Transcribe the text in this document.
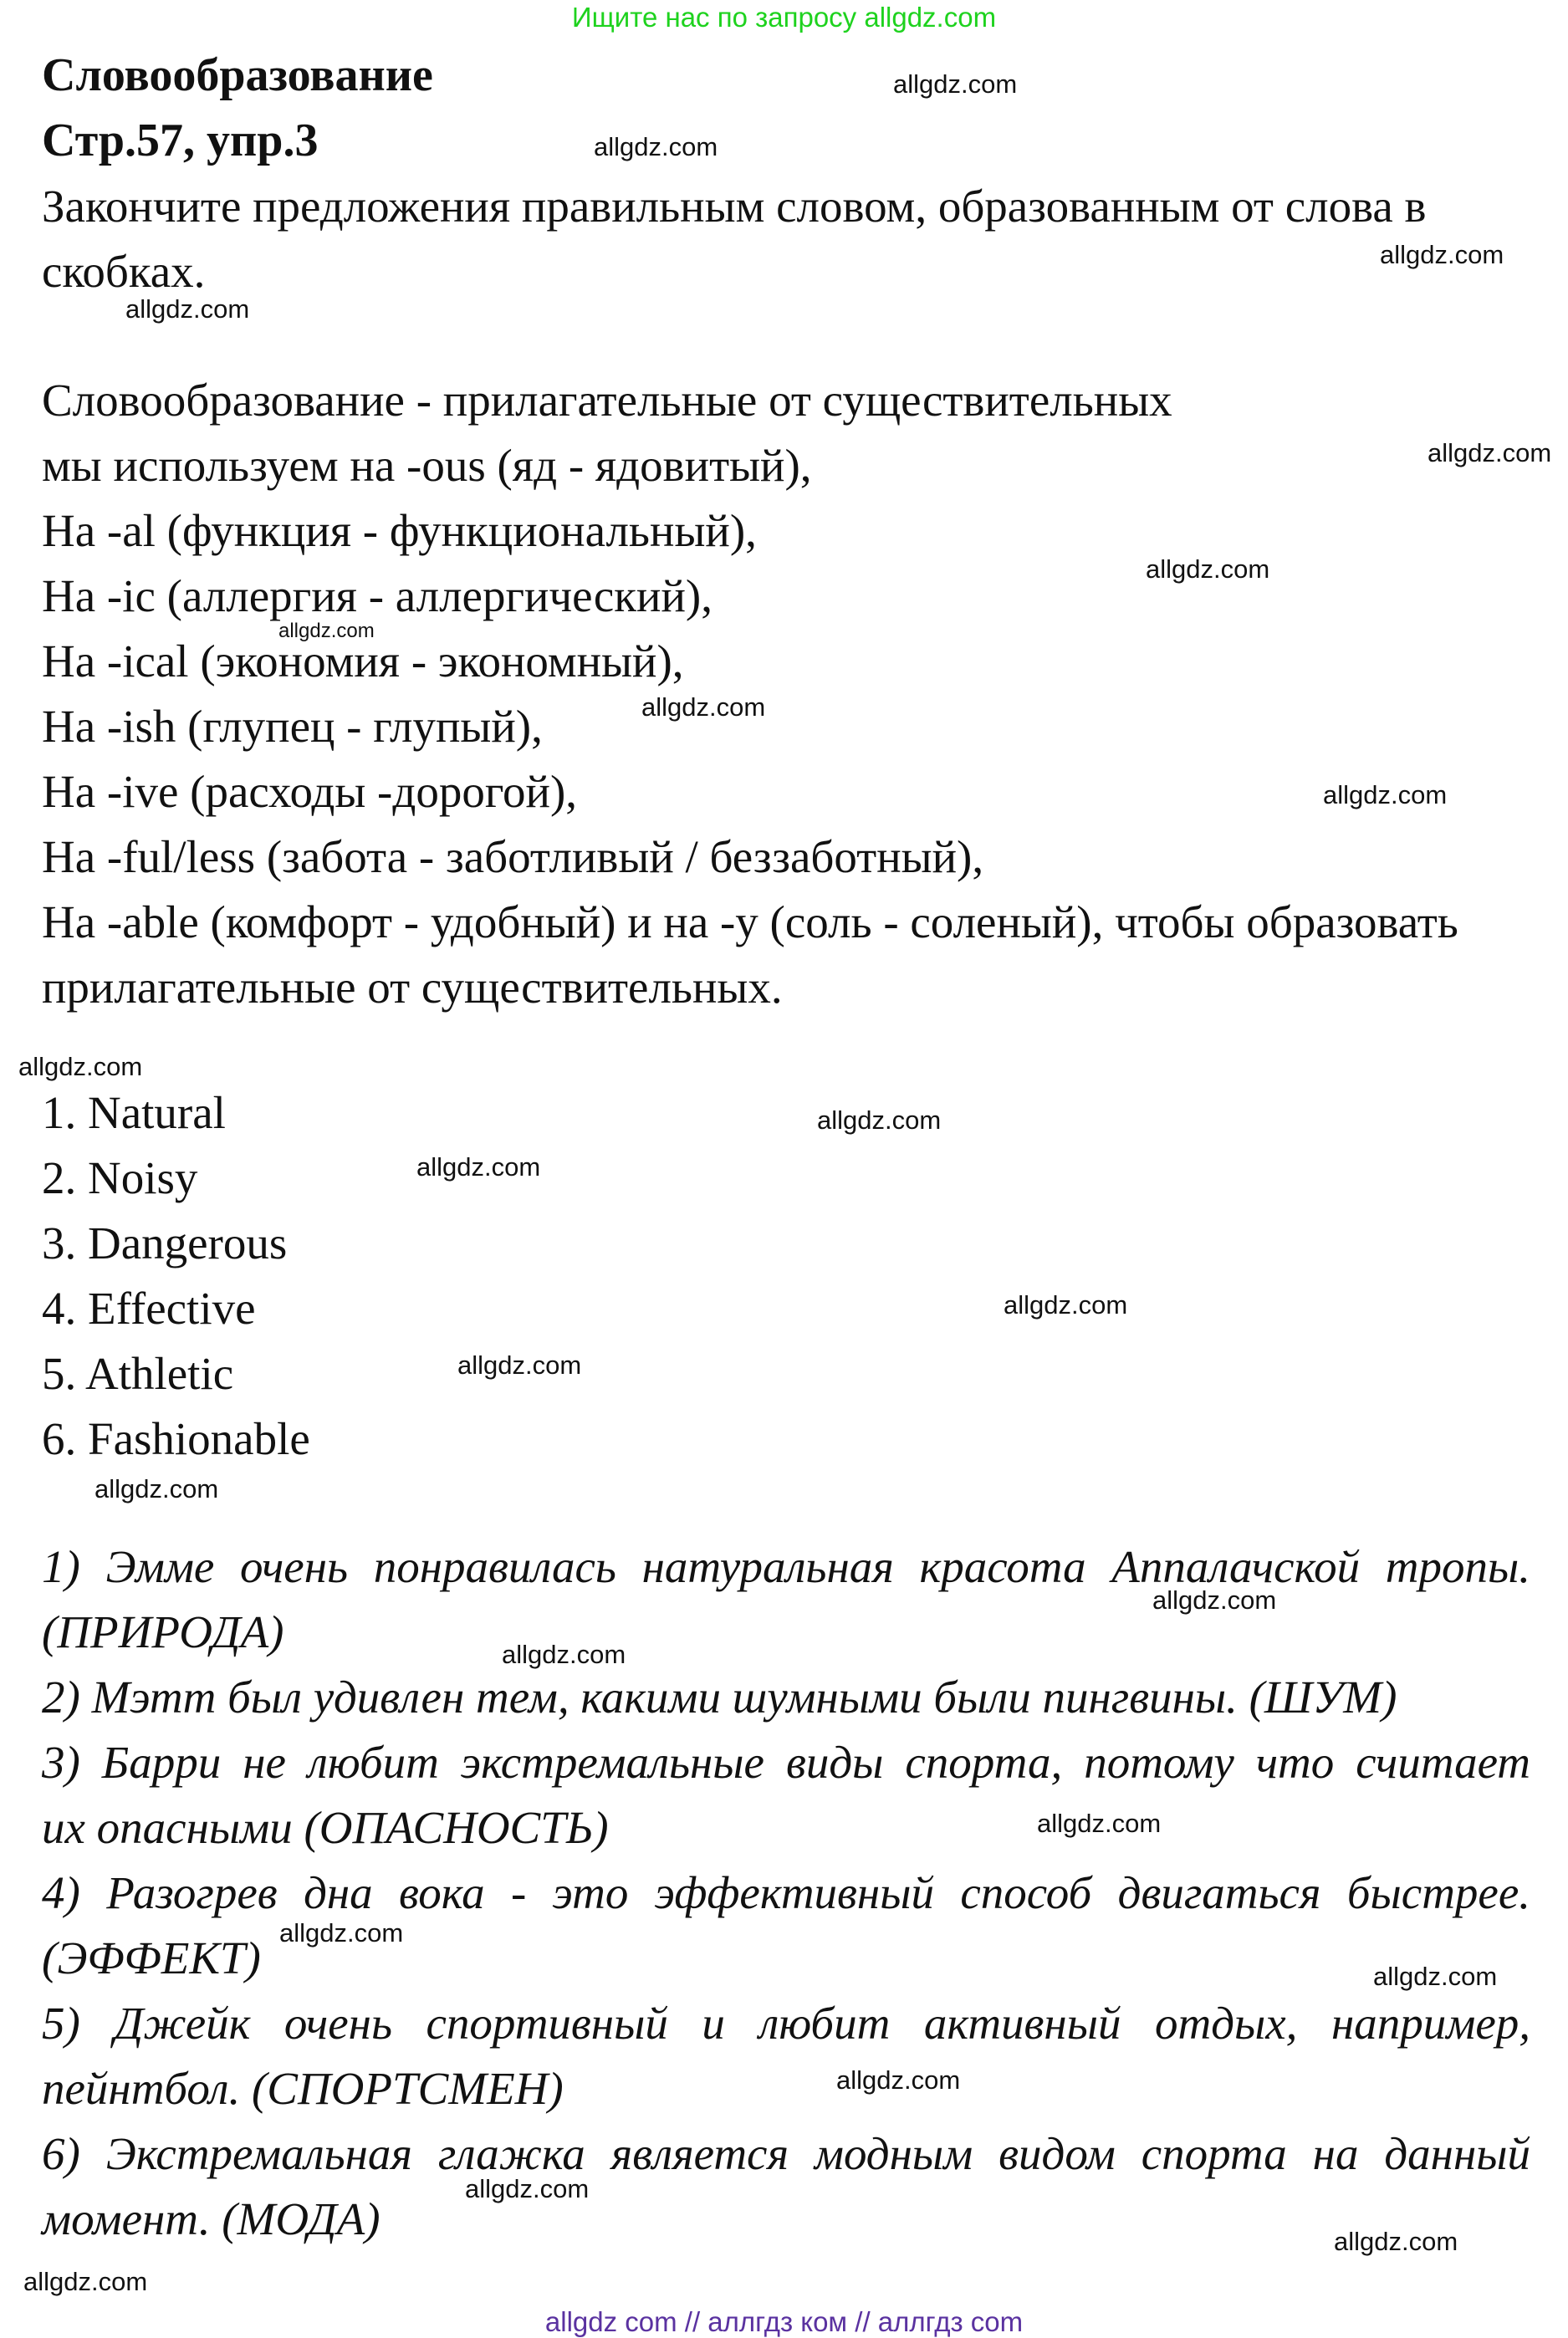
Ищите нас по запросу allgdz.com
Словообразование
Стр.57, упр.3
Закончите предложения правильным словом, образованным от слова в
скобках.
Словообразование - прилагательные от существительных
мы используем на -ous (яд - ядовитый),
На -al (функция - функциональный),
На -ic (аллергия - аллергический),
На -ical (экономия - экономный),
На -ish (глупец - глупый),
На -ive (расходы -дорогой),
На -ful/less (забота - заботливый / беззаботный),
На -able (комфорт - удобный) и на -y (соль - соленый), чтобы образовать
прилагательные от существительных.
1. Natural
2. Noisy
3. Dangerous
4. Effective
5. Athletic
6. Fashionable
1) Эмме очень понравилась натуральная красота Аппалачской тропы.
(ПРИРОДА)
2) Мэтт был удивлен тем, какими шумными были пингвины. (ШУМ)
3) Барри не любит экстремальные виды спорта, потому что считает
их опасными (ОПАСНОСТЬ)
4) Разогрев дна вока - это эффективный способ двигаться быстрее.
(ЭФФЕКТ)
5) Джейк очень спортивный и любит активный отдых, например,
пейнтбол. (СПОРТСМЕН)
6) Экстремальная глажка является модным видом спорта на данный
момент. (МОДА)
allgdz.com
allgdz.com
allgdz.com
allgdz.com
allgdz.com
allgdz.com
allgdz.com
allgdz.com
allgdz.com
allgdz.com
allgdz.com
allgdz.com
allgdz.com
allgdz.com
allgdz.com
allgdz.com
allgdz.com
allgdz.com
allgdz.com
allgdz.com
allgdz.com
allgdz.com
allgdz.com
allgdz.com
allgdz com // аллгдз ком // аллгдз com
